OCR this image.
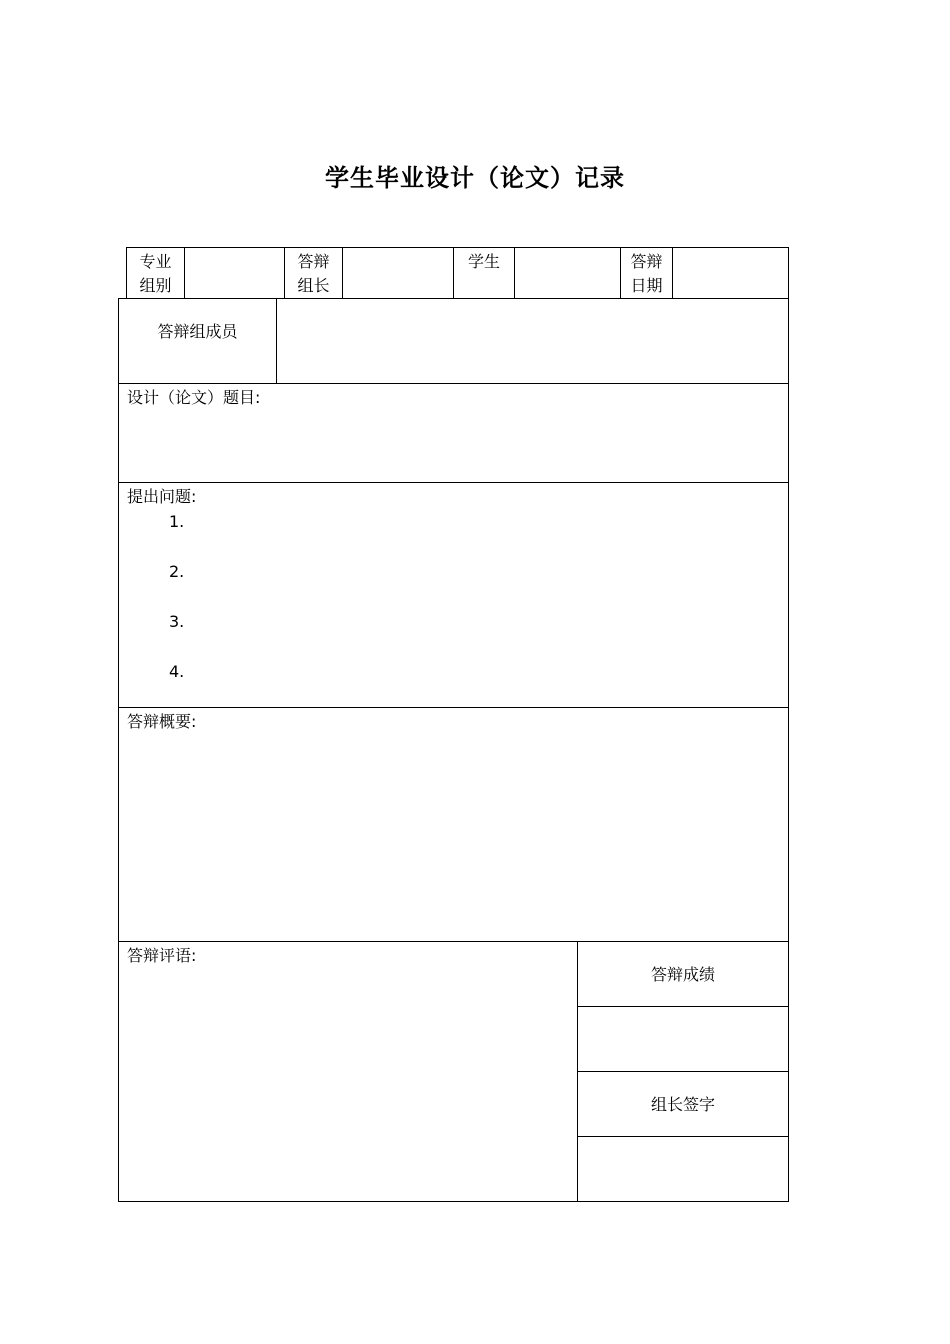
学生毕业设计（论文）记录
专业
组别
答辩
组长
学生	答辩
日期
答辩组成员
设计（论文）题目:
提出问题:
1.
2.
3.
4.
答辩概要:
答辩评语:
答辩成绩
组长签字
